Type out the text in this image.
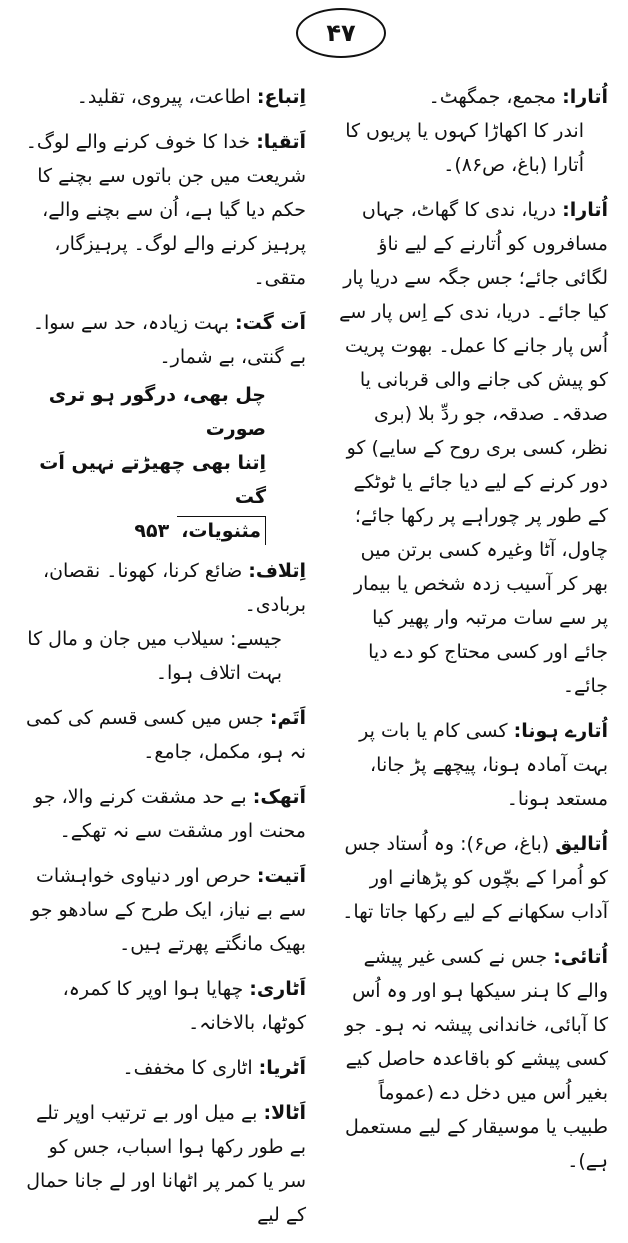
۴۷

اُتارا: مجمع، جمگھٹ۔
اندر کا اکھاڑا کہوں یا پریوں کا اُتارا (باغ، ص۸۶)۔

اُتارا: دریا، ندی کا گھاٹ، جہاں مسافروں کو اُتارنے کے لیے ناؤ لگائی جائے؛ جس جگہ سے دریا پار کیا جائے۔ دریا، ندی کے اِس پار سے اُس پار جانے کا عمل۔ بھوت پریت کو پیش کی جانے والی قربانی یا صدقہ۔ صدقہ، جو ردِّ بلا (بری نظر، کسی بری روح کے سایے) کو دور کرنے کے لیے دیا جائے یا ٹوٹکے کے طور پر چوراہے پر رکھا جائے؛ چاول، آٹا وغیرہ کسی برتن میں بھر کر آسیب زدہ شخص یا بیمار پر سے سات مرتبہ وار پھیر کیا جائے اور کسی محتاج کو دے دیا جائے۔

اُتارے ہونا: کسی کام یا بات پر بہت آمادہ ہونا، پیچھے پڑ جانا، مستعد ہونا۔

اُتالیق (باغ، ص۶): وہ اُستاد جس کو اُمرا کے بچّوں کو پڑھانے اور آداب سکھانے کے لیے رکھا جاتا تھا۔

اُتائی: جس نے کسی غیر پیشے والے کا ہنر سیکھا ہو اور وہ اُس کا آبائی، خاندانی پیشہ نہ ہو۔ جو کسی پیشے کو باقاعدہ حاصل کیے بغیر اُس میں دخل دے (عموماً طبیب یا موسیقار کے لیے مستعمل ہے)۔

اِتباع: اطاعت، پیروی، تقلید۔

اَتقیا: خدا کا خوف کرنے والے لوگ۔ شریعت میں جن باتوں سے بچنے کا حکم دیا گیا ہے، اُن سے بچنے والے، پرہیز کرنے والے لوگ۔ پرہیزگار، متقی۔

اَت گت: بہت زیادہ، حد سے سوا۔ بے گنتی، بے شمار۔

چل بھی، درگور ہو تری صورت
اِتنا بھی چھیڑتے نہیں اَت گت
مثنویات،۹۵۳

اِتلاف: ضائع کرنا، کھونا۔ نقصان، بربادی۔
جیسے: سیلاب میں جان و مال کا بہت اتلاف ہوا۔

اَتَم: جس میں کسی قسم کی کمی نہ ہو، مکمل، جامع۔

اَتھک: بے حد مشقت کرنے والا، جو محنت اور مشقت سے نہ تھکے۔

اَتیت: حرص اور دنیاوی خواہشات سے بے نیاز، ایک طرح کے سادھو جو بھیک مانگتے پھرتے ہیں۔

اَٹاری: چھایا ہوا اوپر کا کمرہ، کوٹھا، بالاخانہ۔

اَٹریا: اٹاری کا مخفف۔

اَٹالا: بے میل اور بے ترتیب اوپر تلے بے طور رکھا ہوا اسباب، جس کو سر یا کمر پر اٹھانا اور لے جانا حمال کے لیے
